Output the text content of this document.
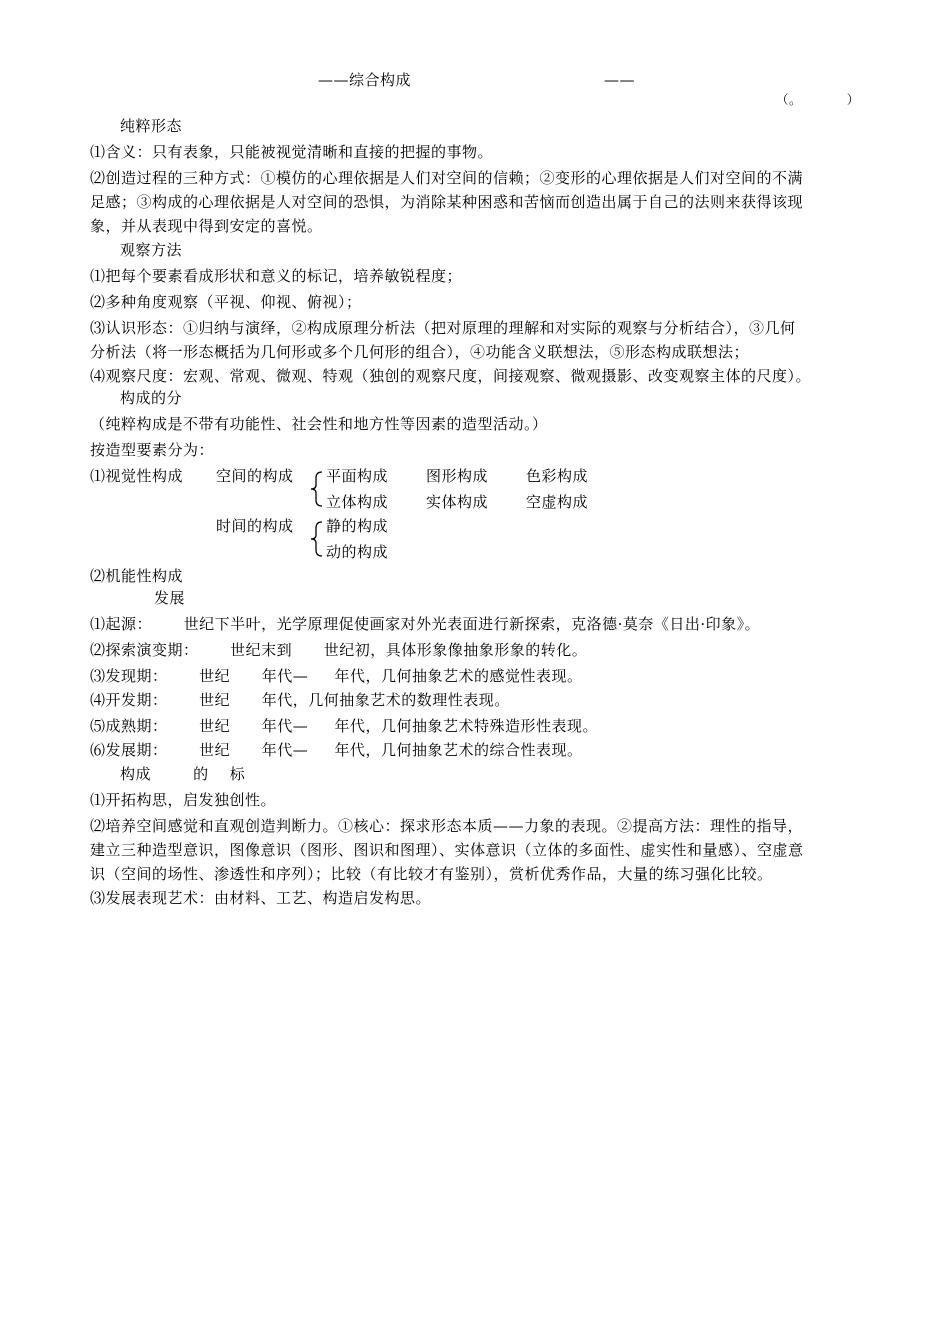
——综合构成	——
（。          ）
纯粹形态
⑴含义：只有表象，只能被视觉清晰和直接的把握的事物。
⑵创造过程的三种方式：①模仿的心理依据是人们对空间的信赖；②变形的心理依据是人们对空间的不满
足感；③构成的心理依据是人对空间的恐惧，为消除某种困惑和苦恼而创造出属于自己的法则来获得该现
象，并从表现中得到安定的喜悦。
观察方法
⑴把每个要素看成形状和意义的标记，培养敏锐程度；
⑵多种角度观察（平视、仰视、俯视）；
⑶认识形态：①归纳与演绎，②构成原理分析法（把对原理的理解和对实际的观察与分析结合），③几何
分析法（将一形态概括为几何形或多个几何形的组合），④功能含义联想法，⑤形态构成联想法；
⑷观察尺度：宏观、常观、微观、特观（独创的观察尺度，间接观察、微观摄影、改变观察主体的尺度）。
构成的分
（纯粹构成是不带有功能性、社会性和地方性等因素的造型活动。）
按造型要素分为：
⑴视觉性构成 空间的构成 平面构成	图形构成	色彩构成
立体构成	实体构成	空虚构成
时间的构成 静的构成
动的构成
⑵机能性构成
发展
⑴起源：      世纪下半叶，光学原理促使画家对外光表面进行新探索，克洛德·莫奈《日出·印象》。
⑵探索演变期：      世纪末到      世纪初，具体形象像抽象形象的转化。
⑶发现期：      世纪      年代—     年代，几何抽象艺术的感觉性表现。
⑷开发期：      世纪      年代，几何抽象艺术的数理性表现。
⑸成熟期：      世纪      年代—     年代，几何抽象艺术特殊造形性表现。
⑹发展期：      世纪      年代—     年代，几何抽象艺术的综合性表现。
构成        的    标
⑴开拓构思，启发独创性。
⑵培养空间感觉和直观创造判断力。①核心：探求形态本质——力象的表现。②提高方法：理性的指导，
建立三种造型意识，图像意识（图形、图识和图理）、实体意识（立体的多面性、虚实性和量感）、空虚意
识（空间的场性、渗透性和序列）；比较（有比较才有鉴别），赏析优秀作品，大量的练习强化比较。
⑶发展表现艺术：由材料、工艺、构造启发构思。
